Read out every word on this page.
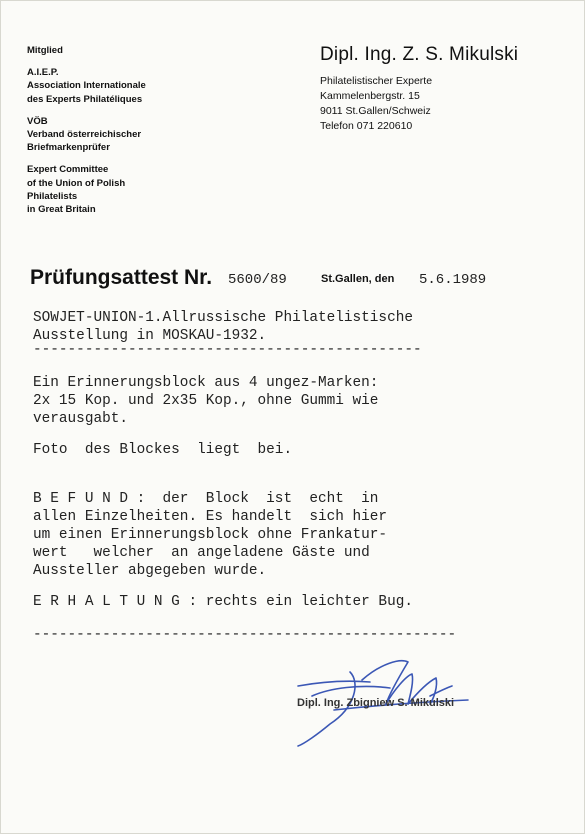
Mitglied
A.I.E.P.
Association Internationale
des Experts Philatéliques
VÖB
Verband österreichischer
Briefmarkenprüfer
Expert Committee
of the Union of Polish
Philatelists
in Great Britain
Dipl. Ing. Z. S. Mikulski
Philatelistischer Experte
Kammelenbergstr. 15
9011 St.Gallen/Schweiz
Telefon 071 220610
Prüfungsattest Nr. 5600/89	St.Gallen, den 5.6.1989
SOWJET-UNION-1.Allrussische Philatelistische
Ausstellung in MOSKAU-1932.
---------------------------------------------
Ein Erinnerungsblock aus 4 ungez-Marken:
2x 15 Kop. und 2x35 Kop., ohne Gummi wie
verausgabt.
Foto  des Blockes  liegt  bei.
B E F U N D :  der  Block  ist  echt  in
allen Einzelheiten. Es handelt  sich hier
um einen Erinnerungsblock ohne Frankatur-
wert   welcher  an angeladene Gäste und
Aussteller abgegeben wurde.
E R H A L T U N G : rechts ein leichter Bug.
-------------------------------------------------
Dipl. Ing. Zbigniew S. Mikulski
